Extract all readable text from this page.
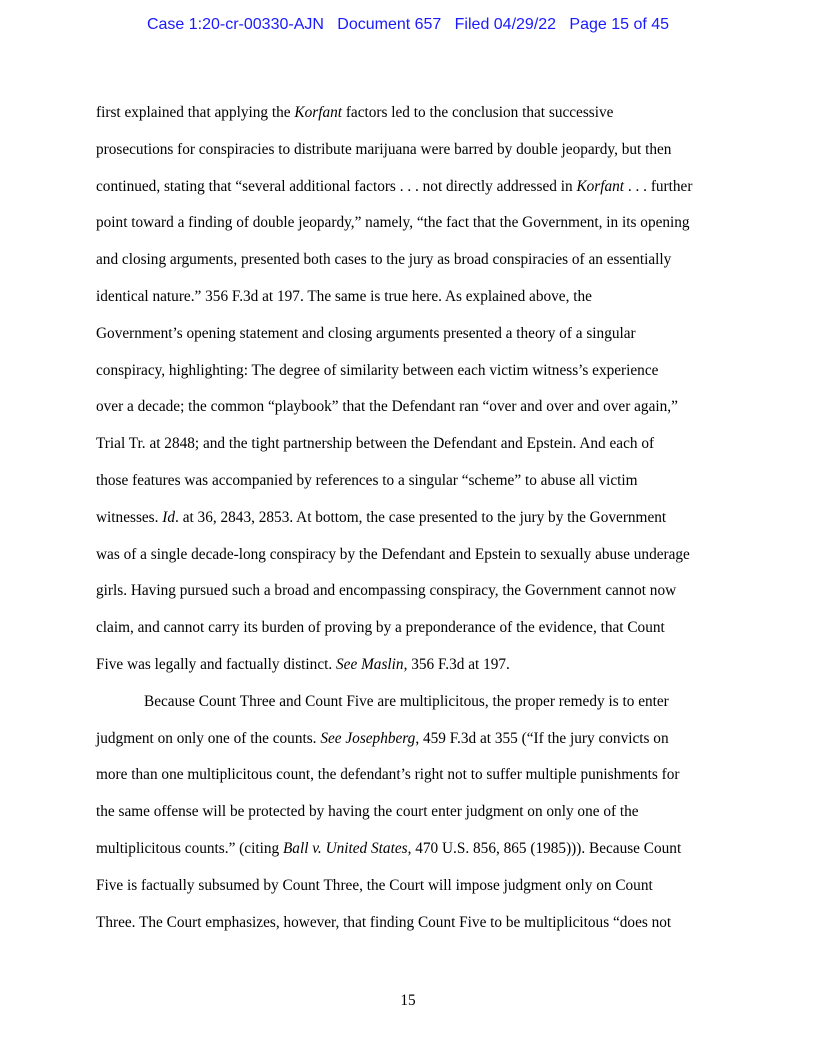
Case 1:20-cr-00330-AJN   Document 657   Filed 04/29/22   Page 15 of 45
first explained that applying the Korfant factors led to the conclusion that successive
prosecutions for conspiracies to distribute marijuana were barred by double jeopardy, but then
continued, stating that “several additional factors . . . not directly addressed in Korfant . . . further
point toward a finding of double jeopardy,” namely, “the fact that the Government, in its opening
and closing arguments, presented both cases to the jury as broad conspiracies of an essentially
identical nature.” 356 F.3d at 197. The same is true here. As explained above, the
Government’s opening statement and closing arguments presented a theory of a singular
conspiracy, highlighting: The degree of similarity between each victim witness’s experience
over a decade; the common “playbook” that the Defendant ran “over and over and over again,”
Trial Tr. at 2848; and the tight partnership between the Defendant and Epstein. And each of
those features was accompanied by references to a singular “scheme” to abuse all victim
witnesses. Id. at 36, 2843, 2853. At bottom, the case presented to the jury by the Government
was of a single decade-long conspiracy by the Defendant and Epstein to sexually abuse underage
girls. Having pursued such a broad and encompassing conspiracy, the Government cannot now
claim, and cannot carry its burden of proving by a preponderance of the evidence, that Count
Five was legally and factually distinct. See Maslin, 356 F.3d at 197.
Because Count Three and Count Five are multiplicitous, the proper remedy is to enter
judgment on only one of the counts. See Josephberg, 459 F.3d at 355 (“If the jury convicts on
more than one multiplicitous count, the defendant’s right not to suffer multiple punishments for
the same offense will be protected by having the court enter judgment on only one of the
multiplicitous counts.” (citing Ball v. United States, 470 U.S. 856, 865 (1985))). Because Count
Five is factually subsumed by Count Three, the Court will impose judgment only on Count
Three. The Court emphasizes, however, that finding Count Five to be multiplicitous “does not
15
